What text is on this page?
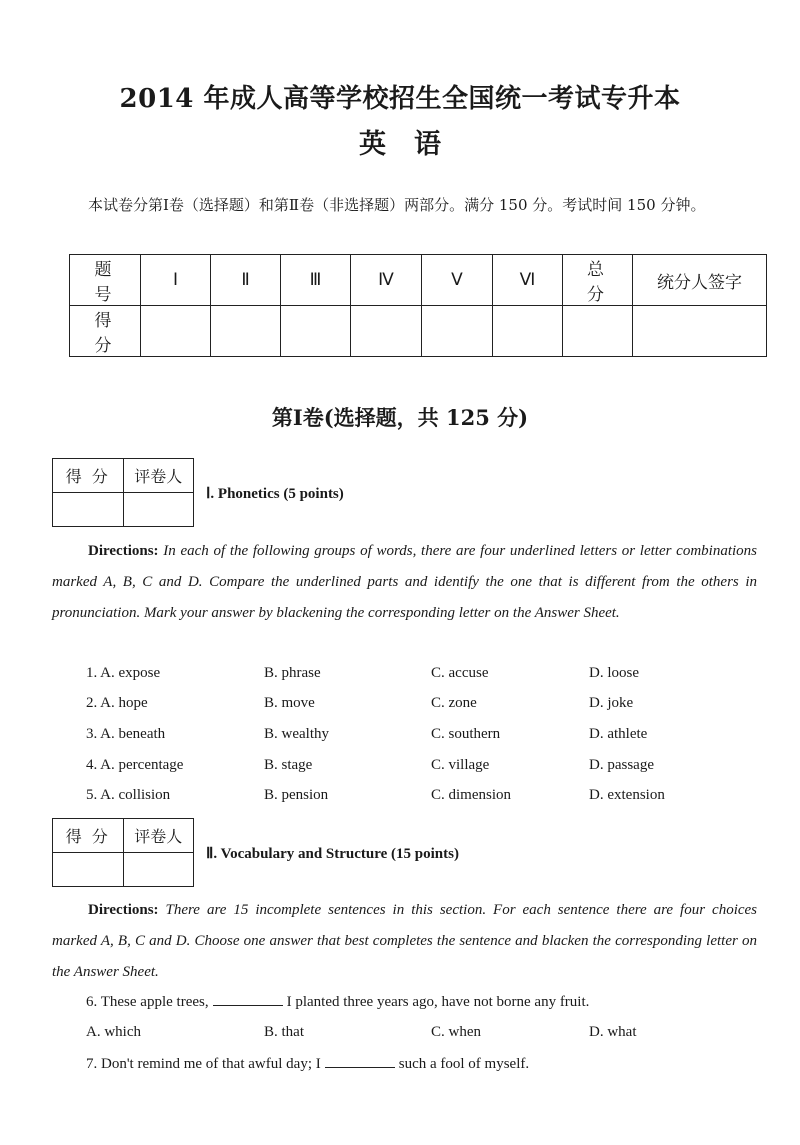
2014 年成人高等学校招生全国统一考试专升本
英语
本试卷分第Ⅰ卷（选择题）和第Ⅱ卷（非选择题）两部分。满分 150 分。考试时间 150 分钟。
题号	Ⅰ	Ⅱ	Ⅲ	Ⅳ	Ⅴ	Ⅵ	总分	统分人签字
得分								
第Ⅰ卷(选择题，共 125 分)
得分	评卷人

Ⅰ. Phonetics (5 points)
Directions: In each of the following groups of words, there are four underlined letters or letter combinations marked A, B, C and D. Compare the underlined parts and identify the one that is different from the others in pronunciation. Mark your answer by blackening the corresponding letter on the Answer Sheet.
1. A. expose	B. phrase	C. accuse	D. loose
2. A. hope	B. move	C. zone	D. joke
3. A. beneath	B. wealthy	C. southern	D. athlete
4. A. percentage	B. stage	C. village	D. passage
5. A. collision	B. pension	C. dimension	D. extension
得分	评卷人

Ⅱ. Vocabulary and Structure (15 points)
Directions: There are 15 incomplete sentences in this section. For each sentence there are four choices marked A, B, C and D. Choose one answer that best completes the sentence and blacken the corresponding letter on the Answer Sheet.
6. These apple trees,	I planted three years ago, have not borne any fruit.
A. which	B. that	C. when	D. what
7. Don't remind me of that awful day; I	such a fool of myself.
